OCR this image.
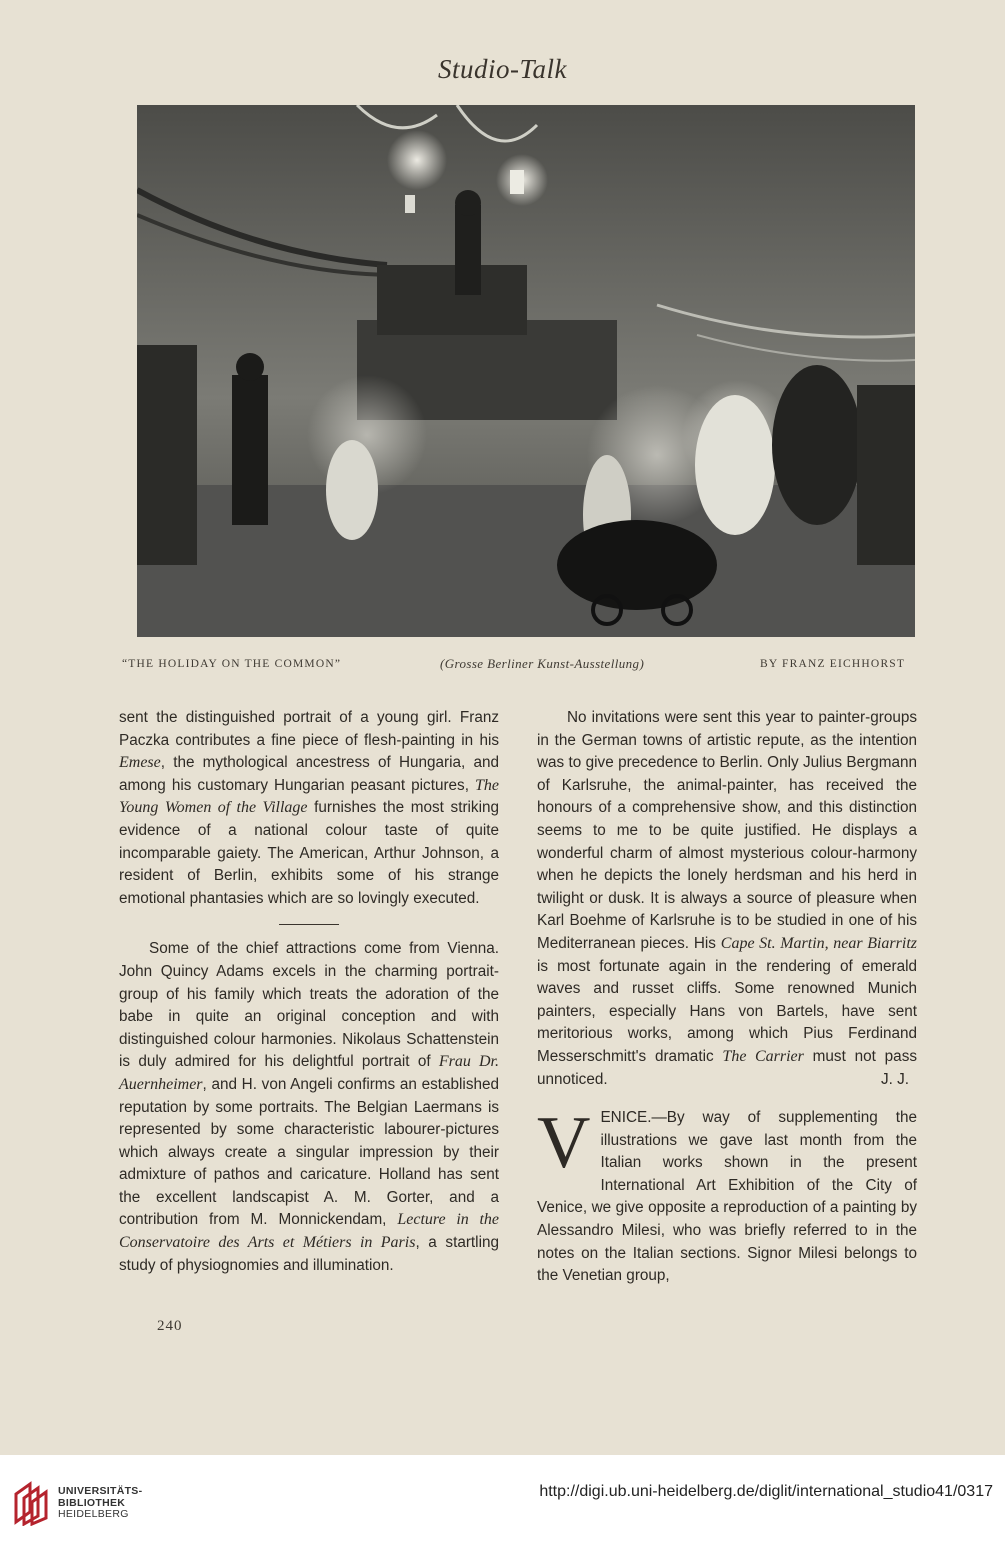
Studio-Talk
“THE HOLIDAY ON THE COMMON”	(Grosse Berliner Kunst-Ausstellung)	BY FRANZ EICHHORST

sent the distinguished portrait of a young girl. Franz Paczka contributes a fine piece of flesh-painting in his Emese, the mythological ancestress of Hungaria, and among his customary Hungarian peasant pictures, The Young Women of the Village furnishes the most striking evidence of a national colour taste of quite incomparable gaiety. The American, Arthur Johnson, a resident of Berlin, exhibits some of his strange emotional phantasies which are so lovingly executed.

Some of the chief attractions come from Vienna. John Quincy Adams excels in the charming portrait-group of his family which treats the adoration of the babe in quite an original conception and with distinguished colour harmonies. Nikolaus Schattenstein is duly admired for his delightful portrait of Frau Dr. Auernheimer, and H. von Angeli confirms an established reputation by some portraits. The Belgian Laermans is represented by some characteristic labourer-pictures which always create a singular impression by their admixture of pathos and caricature. Holland has sent the excellent landscapist A. M. Gorter, and a contribution from M. Monnickendam, Lecture in the Conservatoire des Arts et Métiers in Paris, a startling study of physiognomies and illumination.

No invitations were sent this year to painter-groups in the German towns of artistic repute, as the intention was to give precedence to Berlin. Only Julius Bergmann of Karlsruhe, the animal-painter, has received the honours of a comprehensive show, and this distinction seems to me to be quite justified. He displays a wonderful charm of almost mysterious colour-harmony when he depicts the lonely herdsman and his herd in twilight or dusk. It is always a source of pleasure when Karl Boehme of Karlsruhe is to be studied in one of his Mediterranean pieces. His Cape St. Martin, near Biarritz is most fortunate again in the rendering of emerald waves and russet cliffs. Some renowned Munich painters, especially Hans von Bartels, have sent meritorious works, among which Pius Ferdinand Messerschmitt's dramatic The Carrier must not pass unnoticed.	J. J.

VENICE.—By way of supplementing the illustrations we gave last month from the Italian works shown in the present International Art Exhibition of the City of Venice, we give opposite a reproduction of a painting by Alessandro Milesi, who was briefly referred to in the notes on the Italian sections. Signor Milesi belongs to the Venetian group,

240
UNIVERSITÄTS-
BIBLIOTHEK
HEIDELBERG
http://digi.ub.uni-heidelberg.de/diglit/international_studio41/0317
